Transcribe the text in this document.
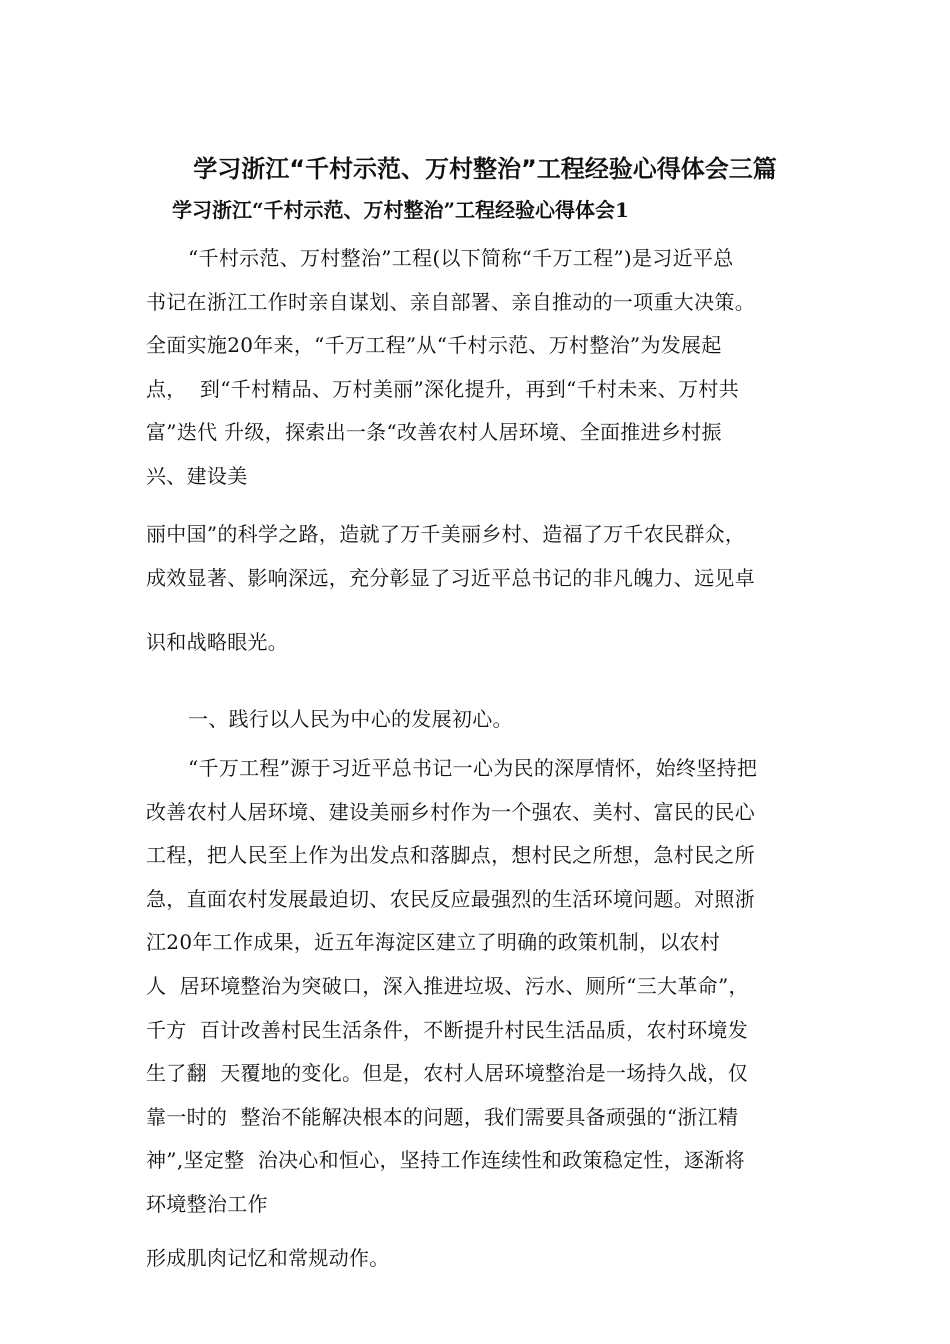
学习浙江“千村示范、万村整治”工程经验心得体会三篇
学习浙江“千村示范、万村整治”工程经验心得体会1
“千村示范、万村整治”工程(以下简称“千万工程”)是习近平总
书记在浙江工作时亲自谋划、亲自部署、亲自推动的一项重大决策。
全面实施20年来，“千万工程”从“千村示范、万村整治”为发展起
点，  到“千村精品、万村美丽”深化提升，再到“千村未来、万村共
富”迭代 升级，探索出一条“改善农村人居环境、全面推进乡村振
兴、建设美
丽中国”的科学之路，造就了万千美丽乡村、造福了万千农民群众，
成效显著、影响深远，充分彰显了习近平总书记的非凡魄力、远见卓
识和战略眼光。
一、践行以人民为中心的发展初心。
“千万工程”源于习近平总书记一心为民的深厚情怀，始终坚持把
改善农村人居环境、建设美丽乡村作为一个强农、美村、富民的民心
工程，把人民至上作为出发点和落脚点，想村民之所想，急村民之所
急，直面农村发展最迫切、农民反应最强烈的生活环境问题。对照浙
江20年工作成果，近五年海淀区建立了明确的政策机制，以农村
人  居环境整治为突破口，深入推进垃圾、污水、厕所“三大革命”，
千方  百计改善村民生活条件，不断提升村民生活品质，农村环境发
生了翻  天覆地的变化。但是，农村人居环境整治是一场持久战，仅
靠一时的  整治不能解决根本的问题，我们需要具备顽强的“浙江精
神”,坚定整  治决心和恒心，坚持工作连续性和政策稳定性，逐渐将
环境整治工作
形成肌肉记忆和常规动作。
